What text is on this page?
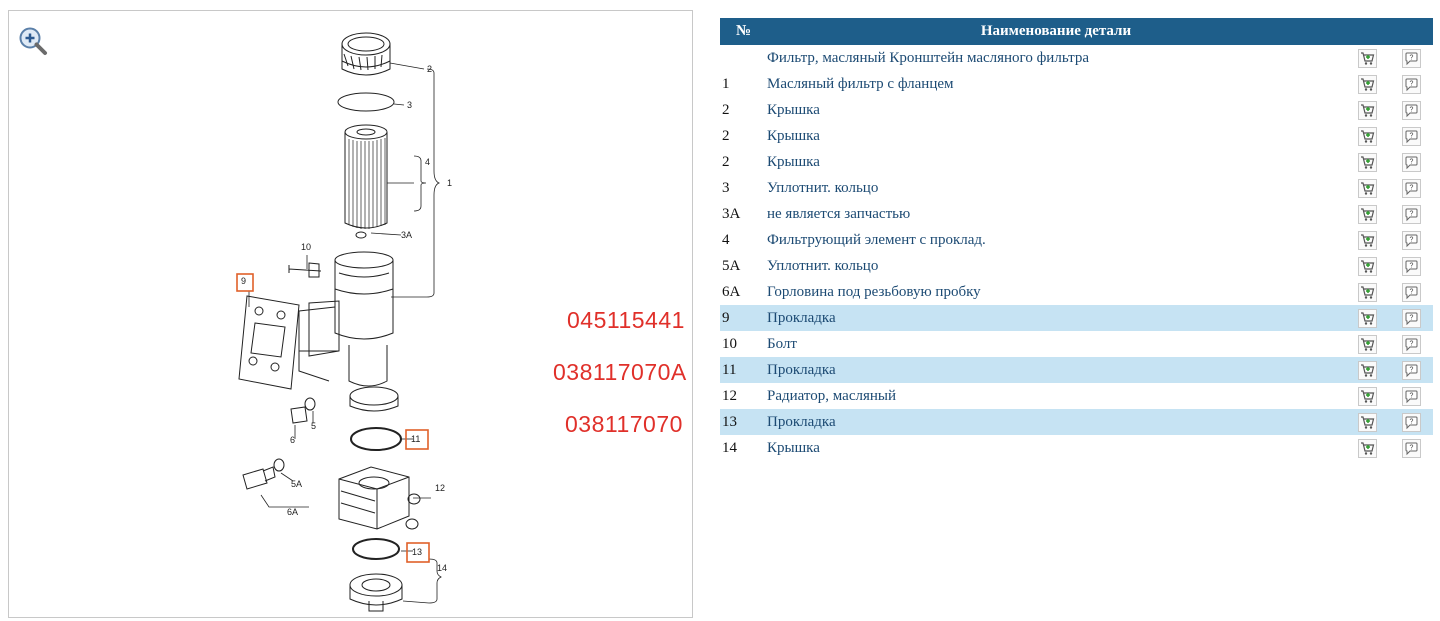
2
3
4
1
3A
10
6
5
5A
6A
12
14
9
11
13
045115441
038117070A
038117070
№	Наименование детали		
	Фильтр, масляный Кронштейн масляного фильтра		?

1	Масляный фильтр с фланцем		?

2	Крышка		?

2	Крышка		?

2	Крышка		?

3	Уплотнит. кольцо		?

3A	не является запчастью		?

4	Фильтрующий элемент с проклад.		?

5A	Уплотнит. кольцо		?

6A	Горловина под резьбовую пробку		?

9	Прокладка		?

10	Болт		?

11	Прокладка		?

12	Радиатор, масляный		?

13	Прокладка		?

14	Крышка		?
